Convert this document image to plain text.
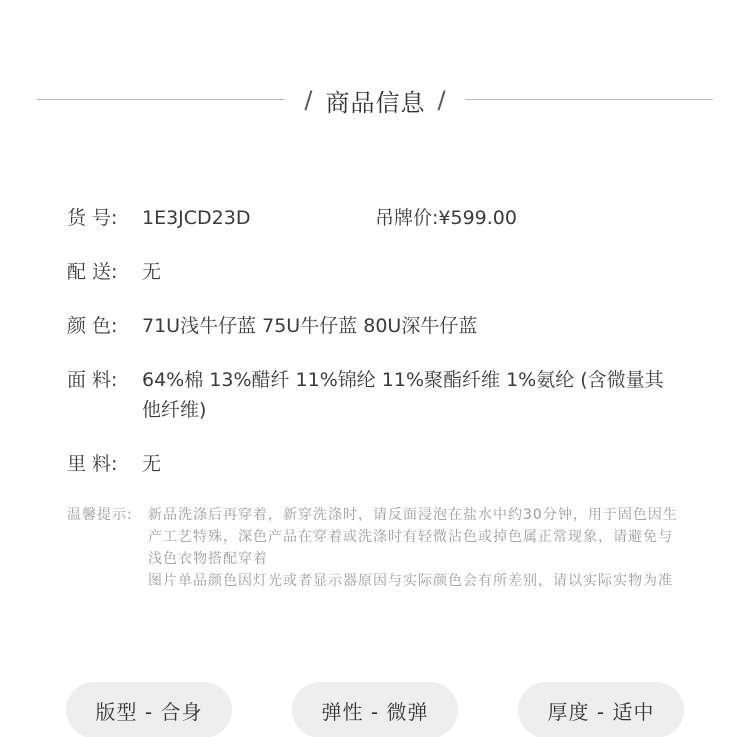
/ 商品信息 /
货 号:	1E3JCD23D	吊牌价:¥599.00
配 送:	无
颜 色:	71U浅牛仔蓝 75U牛仔蓝 80U深牛仔蓝
面 料:	64%棉 13%醋纤 11%锦纶 11%聚酯纤维 1%氨纶 (含微量其他纤维)
里 料:	无
温馨提示: 新品洗涤后再穿着，新穿洗涤时，请反面浸泡在盐水中约30分钟，用于固色因生产工艺特殊，深色产品在穿着或洗涤时有轻微沾色或掉色属正常现象，请避免与浅色衣物搭配穿着
图片单品颜色因灯光或者显示器原因与实际颜色会有所差别，请以实际实物为准
版型 - 合身	弹性 - 微弹	厚度 - 适中
